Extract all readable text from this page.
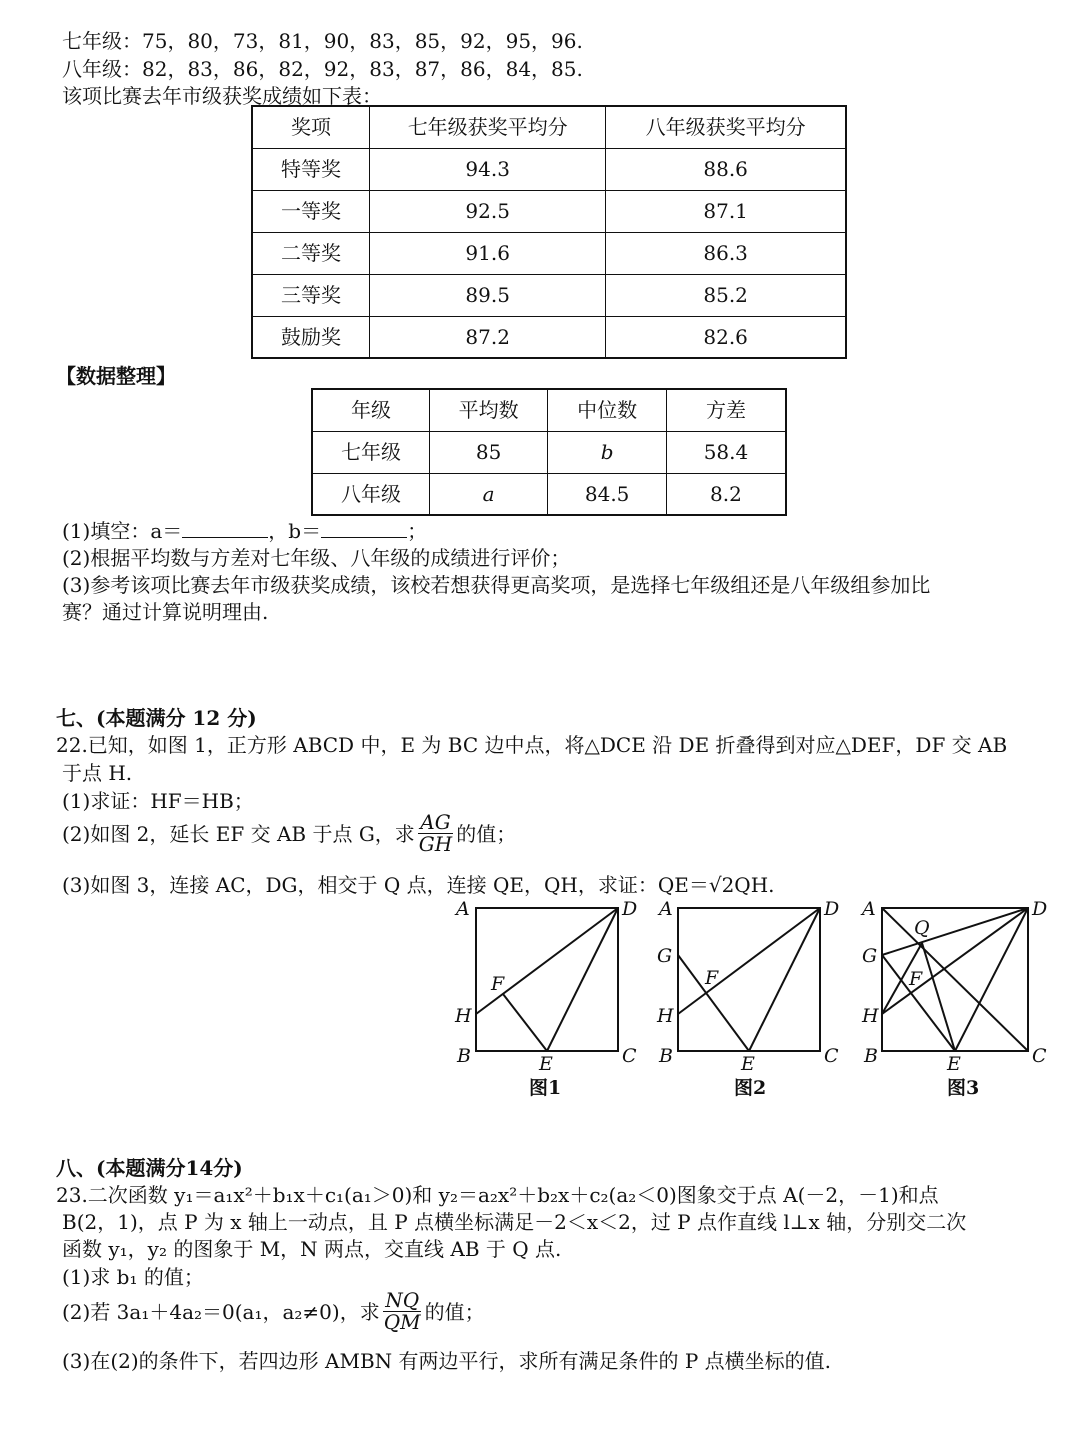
七年级：75，80，73，81，90，83，85，92，95，96.
八年级：82，83，86，82，92，83，87，86，84，85.
该项比赛去年市级获奖成绩如下表：
奖项	七年级获奖平均分	八年级获奖平均分
特等奖	94.3	88.6
一等奖	92.5	87.1
二等奖	91.6	86.3
三等奖	89.5	85.2
鼓励奖	87.2	82.6
【数据整理】
年级	平均数	中位数	方差
七年级	85	b	58.4
八年级	a	84.5	8.2
(1)填空：a＝	，b＝	；
(2)根据平均数与方差对七年级、八年级的成绩进行评价；
(3)参考该项比赛去年市级获奖成绩，该校若想获得更高奖项，是选择七年级组还是八年级组参加比
赛？通过计算说明理由.
七、(本题满分 12 分)
22.已知，如图 1，正方形 ABCD 中，E 为 BC 边中点，将△DCE 沿 DE 折叠得到对应△DEF，DF 交 AB
于点 H.
(1)求证：HF＝HB；
(2)如图 2，延长 EF 交 AB 于点 G，求 $\frac{AG}{GH}$ 的值；
(3)如图 3，连接 AC，DG，相交于 Q 点，连接 QE，QH，求证：QE＝√2QH.
A	D
B	C
E
F
H
A	D
B	C
E
F
G
H
A	D
B	C
E
F
G
H
Q
图1	图2	图3
八、(本题满分14分)
23.二次函数 y₁＝a₁x²＋b₁x＋c₁(a₁＞0)和 y₂＝a₂x²＋b₂x＋c₂(a₂＜0)图象交于点 A(－2，－1)和点
B(2，1)，点 P 为 x 轴上一动点，且 P 点横坐标满足－2＜x＜2，过 P 点作直线 l⊥x 轴，分别交二次
函数 y₁，y₂ 的图象于 M，N 两点，交直线 AB 于 Q 点.
(1)求 b₁ 的值；
(2)若 3a₁＋4a₂＝0(a₁，a₂≠0)，求 $\frac{NQ}{QM}$ 的值；
(3)在(2)的条件下，若四边形 AMBN 有两边平行，求所有满足条件的 P 点横坐标的值.
